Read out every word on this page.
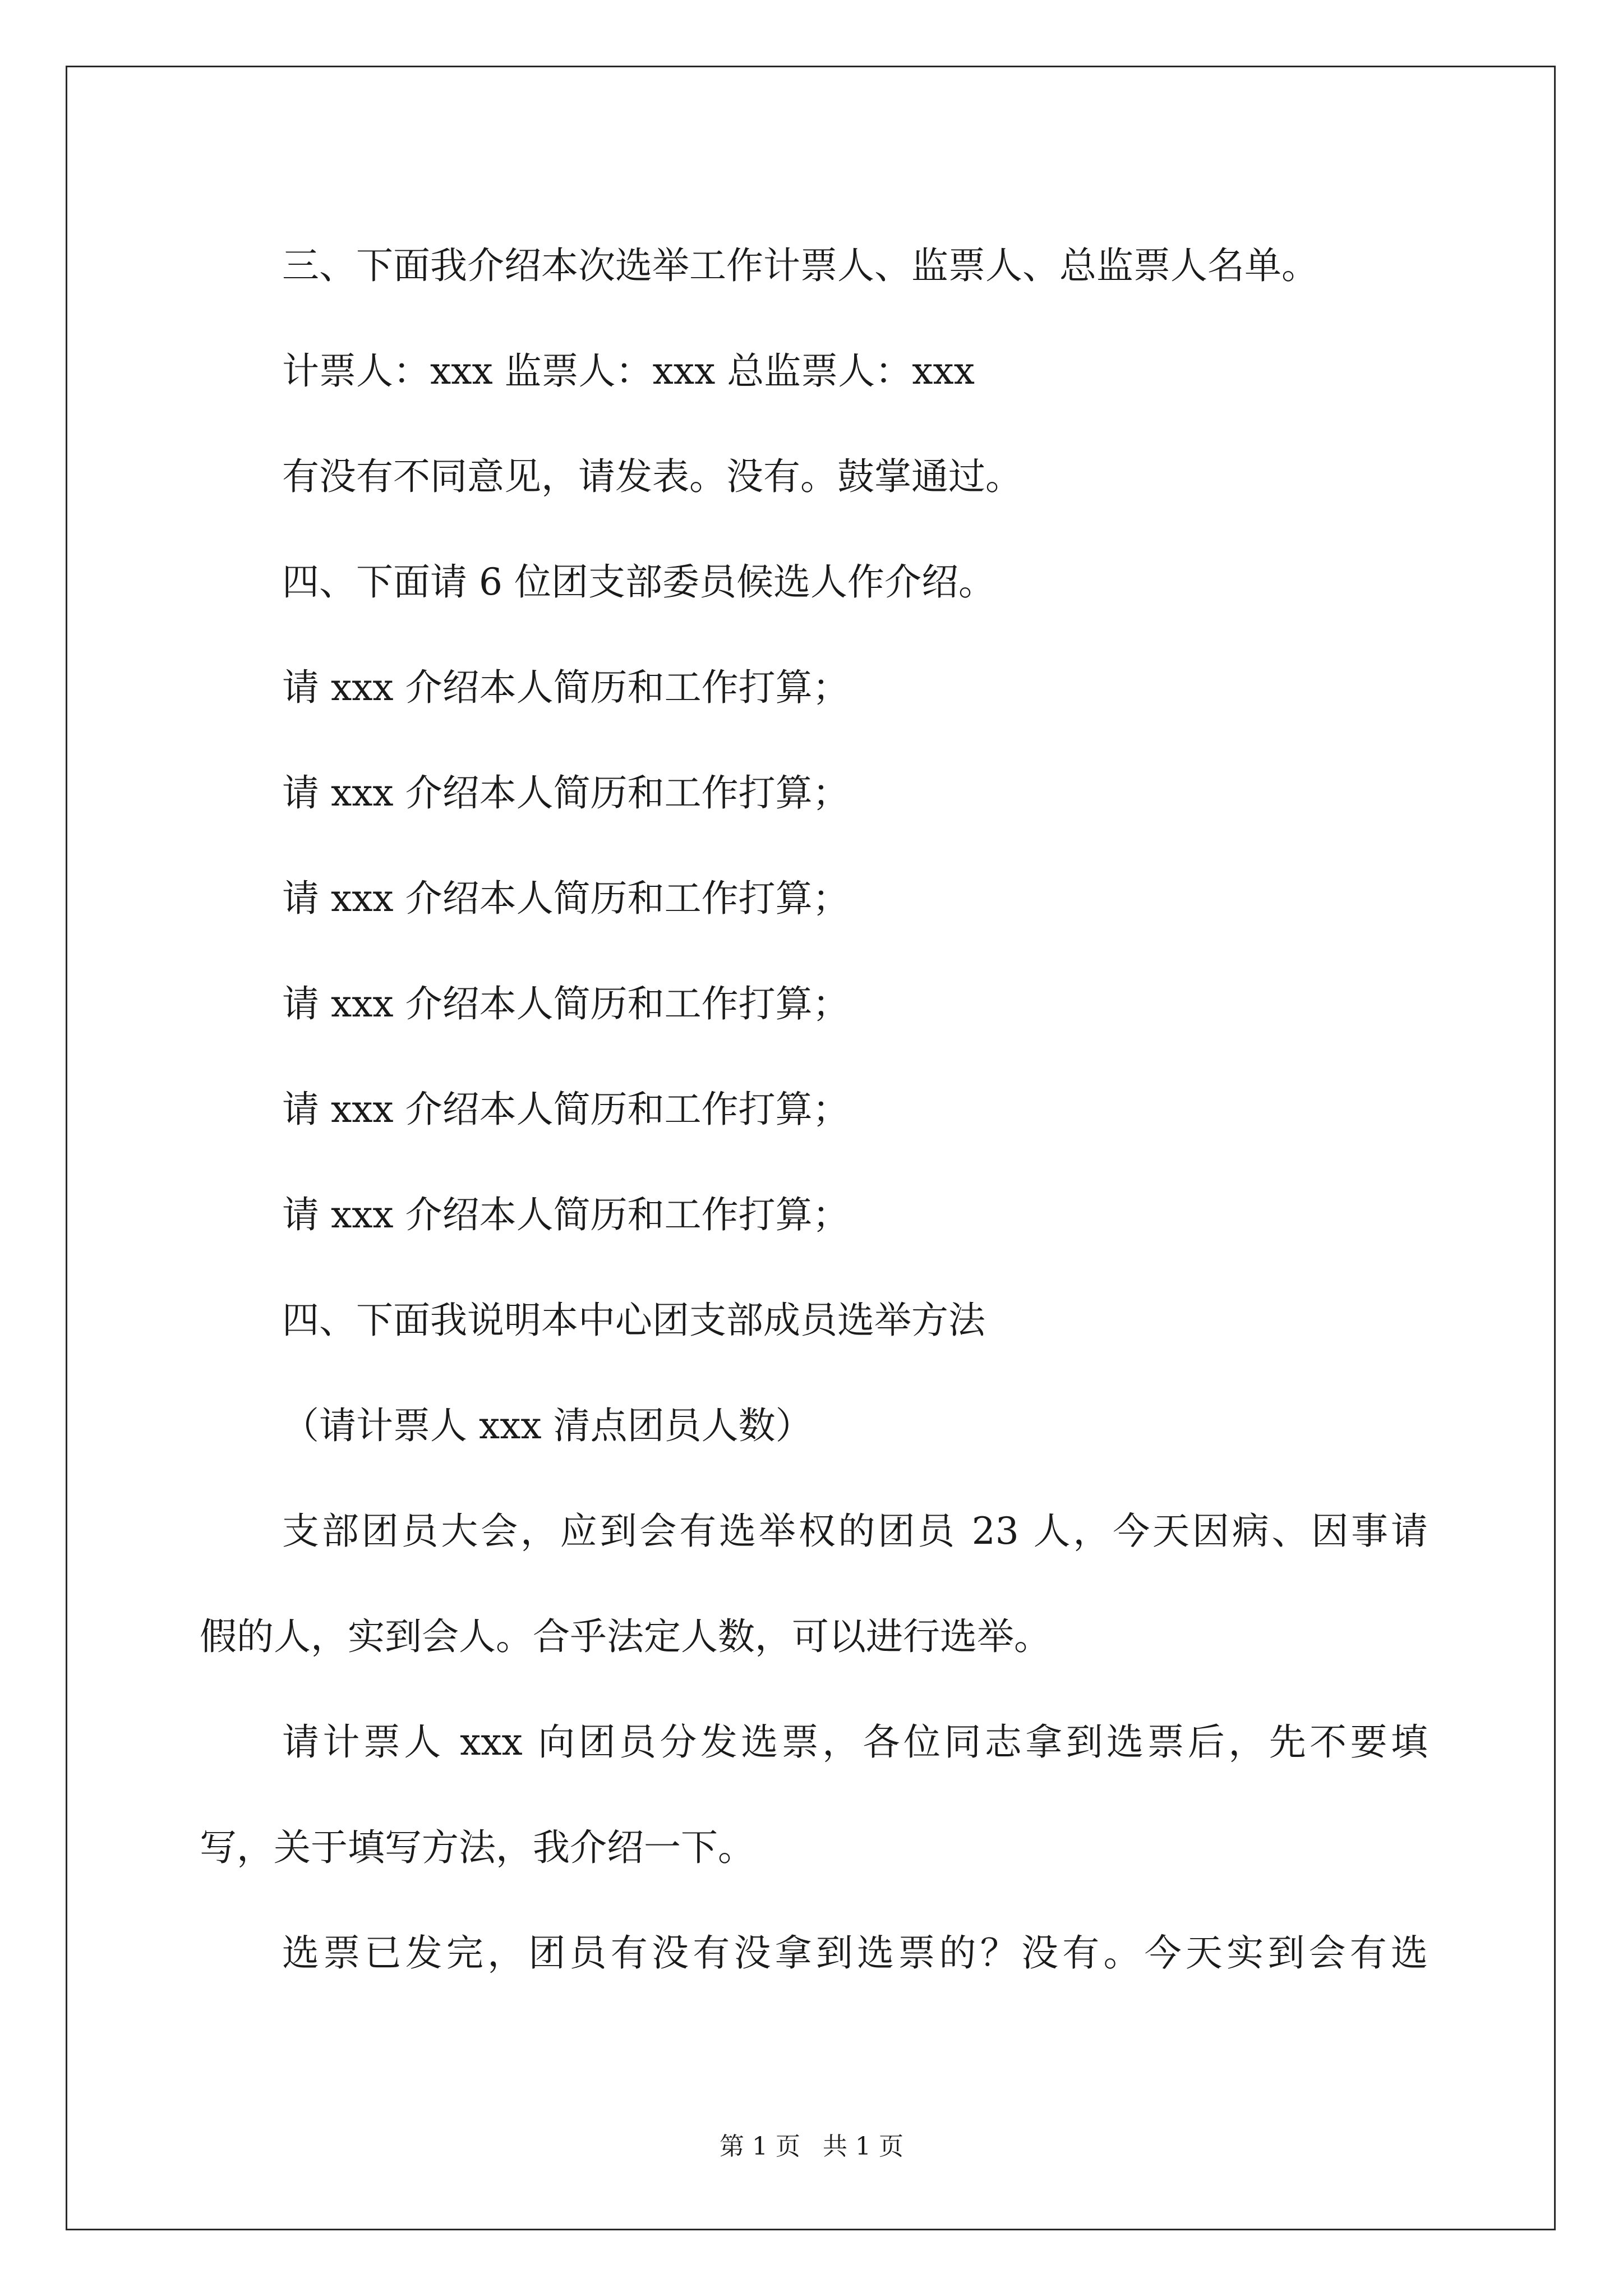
三、下面我介绍本次选举工作计票人、监票人、总监票人名单。

计票人：xxx 监票人：xxx 总监票人：xxx

有没有不同意见，请发表。没有。鼓掌通过。

四、下面请 6 位团支部委员候选人作介绍。

请 xxx 介绍本人简历和工作打算；

请 xxx 介绍本人简历和工作打算；

请 xxx 介绍本人简历和工作打算；

请 xxx 介绍本人简历和工作打算；

请 xxx 介绍本人简历和工作打算；

请 xxx 介绍本人简历和工作打算；

四、下面我说明本中心团支部成员选举方法

（请计票人 xxx 清点团员人数）

支部团员大会，应到会有选举权的团员 23 人，今天因病、因事请

假的人，实到会人。合乎法定人数，可以进行选举。

请计票人 xxx 向团员分发选票，各位同志拿到选票后，先不要填

写，关于填写方法，我介绍一下。

选票已发完，团员有没有没拿到选票的？没有。今天实到会有选

第 1 页 共 1 页
